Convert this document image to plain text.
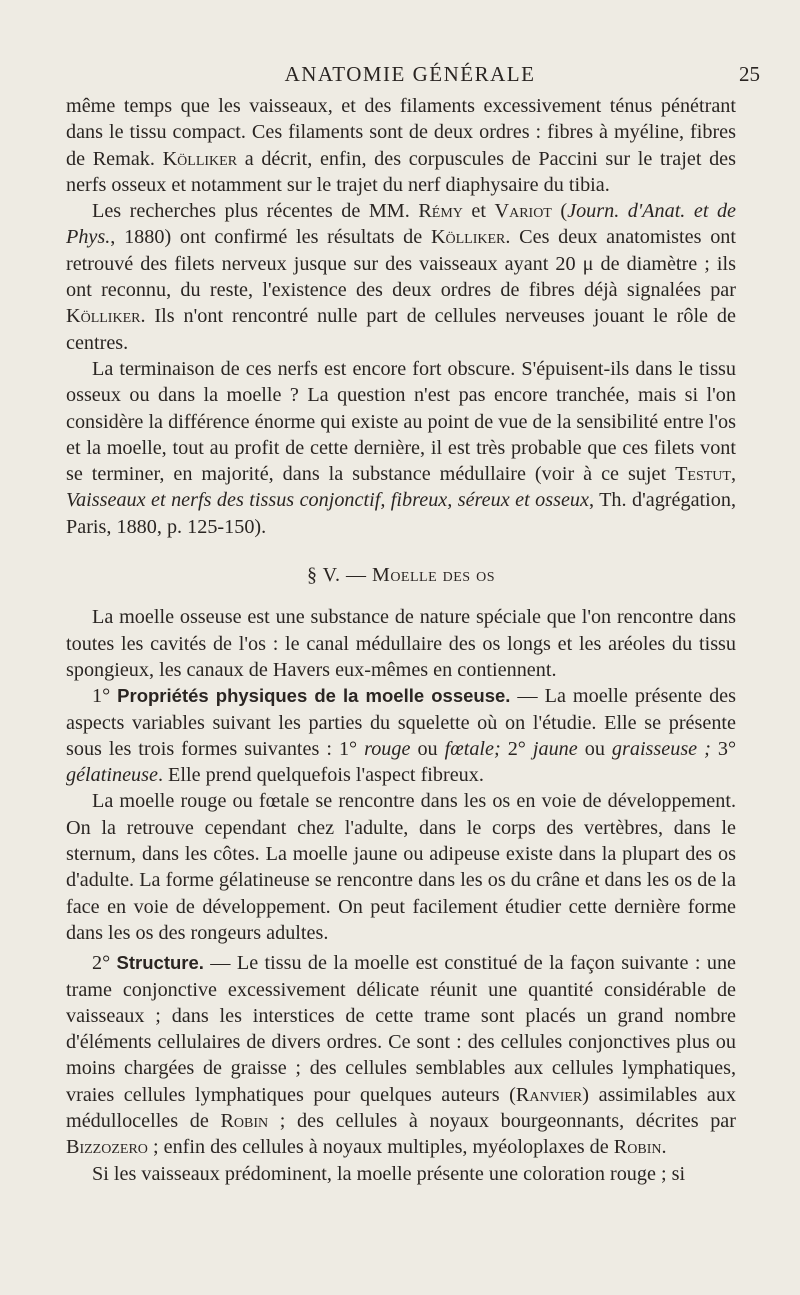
ANATOMIE GÉNÉRALE	25

même temps que les vaisseaux, et des filaments excessivement ténus pénétrant dans le tissu compact. Ces filaments sont de deux ordres : fibres à myéline, fibres de Remak. Kölliker a décrit, enfin, des corpuscules de Paccini sur le trajet des nerfs osseux et notamment sur le trajet du nerf diaphysaire du tibia.

Les recherches plus récentes de MM. Rémy et Variot (Journ. d'Anat. et de Phys., 1880) ont confirmé les résultats de Kölliker. Ces deux anatomistes ont retrouvé des filets nerveux jusque sur des vaisseaux ayant 20 μ de diamètre ; ils ont reconnu, du reste, l'existence des deux ordres de fibres déjà signalées par Kölliker. Ils n'ont rencontré nulle part de cellules nerveuses jouant le rôle de centres.

La terminaison de ces nerfs est encore fort obscure. S'épuisent-ils dans le tissu osseux ou dans la moelle ? La question n'est pas encore tranchée, mais si l'on considère la différence énorme qui existe au point de vue de la sensibilité entre l'os et la moelle, tout au profit de cette dernière, il est très probable que ces filets vont se terminer, en majorité, dans la substance médullaire (voir à ce sujet Testut, Vaisseaux et nerfs des tissus conjonctif, fibreux, séreux et osseux, Th. d'agrégation, Paris, 1880, p. 125-150).

§ V. — Moelle des os

La moelle osseuse est une substance de nature spéciale que l'on rencontre dans toutes les cavités de l'os : le canal médullaire des os longs et les aréoles du tissu spongieux, les canaux de Havers eux-mêmes en contiennent.

1° Propriétés physiques de la moelle osseuse. — La moelle présente des aspects variables suivant les parties du squelette où on l'étudie. Elle se présente sous les trois formes suivantes : 1° rouge ou fœtale; 2° jaune ou graisseuse ; 3° gélatineuse. Elle prend quelquefois l'aspect fibreux.

La moelle rouge ou fœtale se rencontre dans les os en voie de développement. On la retrouve cependant chez l'adulte, dans le corps des vertèbres, dans le sternum, dans les côtes. La moelle jaune ou adipeuse existe dans la plupart des os d'adulte. La forme gélatineuse se rencontre dans les os du crâne et dans les os de la face en voie de développement. On peut facilement étudier cette dernière forme dans les os des rongeurs adultes.

2° Structure. — Le tissu de la moelle est constitué de la façon suivante : une trame conjonctive excessivement délicate réunit une quantité considérable de vaisseaux ; dans les interstices de cette trame sont placés un grand nombre d'éléments cellulaires de divers ordres. Ce sont : des cellules conjonctives plus ou moins chargées de graisse ; des cellules semblables aux cellules lymphatiques, vraies cellules lymphatiques pour quelques auteurs (Ranvier) assimilables aux médullocelles de Robin ; des cellules à noyaux bourgeonnants, décrites par Bizzozero ; enfin des cellules à noyaux multiples, myéoloplaxes de Robin.

Si les vaisseaux prédominent, la moelle présente une coloration rouge ; si
